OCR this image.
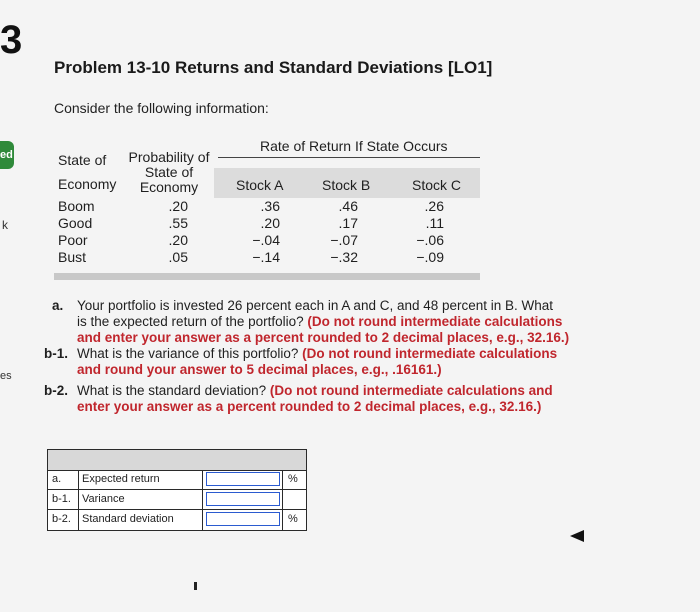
3
ed
k
es
Problem 13-10 Returns and Standard Deviations [LO1]
Consider the following information:
Rate of Return If State Occurs
State of
Economy
Probability of
State of
Economy	Stock A	Stock B	Stock C
Boom	.20	.36	.46	.26
Good	.55	.20	.17	.11
Poor	.20	−.04	−.07	−.06
Bust	.05	−.14	−.32	−.09
a. Your portfolio is invested 26 percent each in A and C, and 48 percent in B. What
is the expected return of the portfolio? (Do not round intermediate calculations
and enter your answer as a percent rounded to 2 decimal places, e.g., 32.16.)
b-1. What is the variance of this portfolio? (Do not round intermediate calculations
and round your answer to 5 decimal places, e.g., .16161.)
b-2. What is the standard deviation? (Do not round intermediate calculations and
enter your answer as a percent rounded to 2 decimal places, e.g., 32.16.)
a. Expected return	%
b-1. Variance
b-2. Standard deviation	%
